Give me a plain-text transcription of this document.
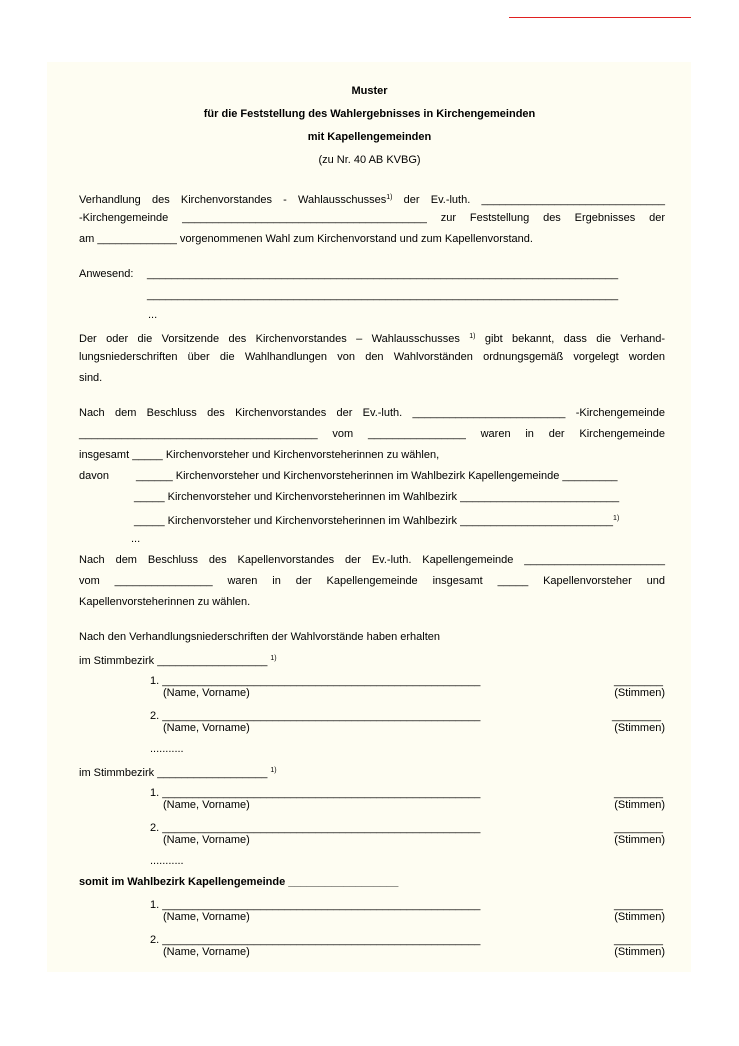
Muster
für die Feststellung des Wahlergebnisses in Kirchengemeinden
mit Kapellengemeinden
(zu Nr. 40 AB KVBG)
Verhandlung des Kirchenvorstandes - Wahlausschusses$^{1)}$ der Ev.-luth. ______________________________
-Kirchengemeinde ________________________________________ zur Feststellung des Ergebnisses der
am _____________ vorgenommenen Wahl zum Kirchenvorstand und zum Kapellenvorstand.
Anwesend: _____________________________________________________________________________
_____________________________________________________________________________
...
Der oder die Vorsitzende des Kirchenvorstandes – Wahlausschusses $^{1)}$ gibt bekannt, dass die Verhand-
lungsniederschriften über die Wahlhandlungen von den Wahlvorständen ordnungsgemäß vorgelegt worden
sind.
Nach dem Beschluss des Kirchenvorstandes der Ev.-luth. _________________________ -Kirchengemeinde
_______________________________________ vom ________________ waren in der Kirchengemeinde
insgesamt _____ Kirchenvorsteher und Kirchenvorsteherinnen zu wählen,
davon ______ Kirchenvorsteher und Kirchenvorsteherinnen im Wahlbezirk Kapellengemeinde _________
_____ Kirchenvorsteher und Kirchenvorsteherinnen im Wahlbezirk __________________________
_____ Kirchenvorsteher und Kirchenvorsteherinnen im Wahlbezirk _________________________$^{1)}$
...
Nach dem Beschluss des Kapellenvorstandes der Ev.-luth. Kapellengemeinde _______________________
vom ________________ waren in der Kapellengemeinde insgesamt _____ Kapellenvorsteher und
Kapellenvorsteherinnen zu wählen.
Nach den Verhandlungsniederschriften der Wahlvorstände haben erhalten
im Stimmbezirk __________________ $^{1)}$
1. ____________________________________________________	________
(Name, Vorname)	(Stimmen)
2. ____________________________________________________	________
(Name, Vorname)	(Stimmen)
...........
im Stimmbezirk __________________ $^{1)}$
1. ____________________________________________________	________
(Name, Vorname)	(Stimmen)
2. ____________________________________________________	________
(Name, Vorname)	(Stimmen)
...........
somit im Wahlbezirk Kapellengemeinde __________________
1. ____________________________________________________	________
(Name, Vorname)	(Stimmen)
2. ____________________________________________________	________
(Name, Vorname)	(Stimmen)
